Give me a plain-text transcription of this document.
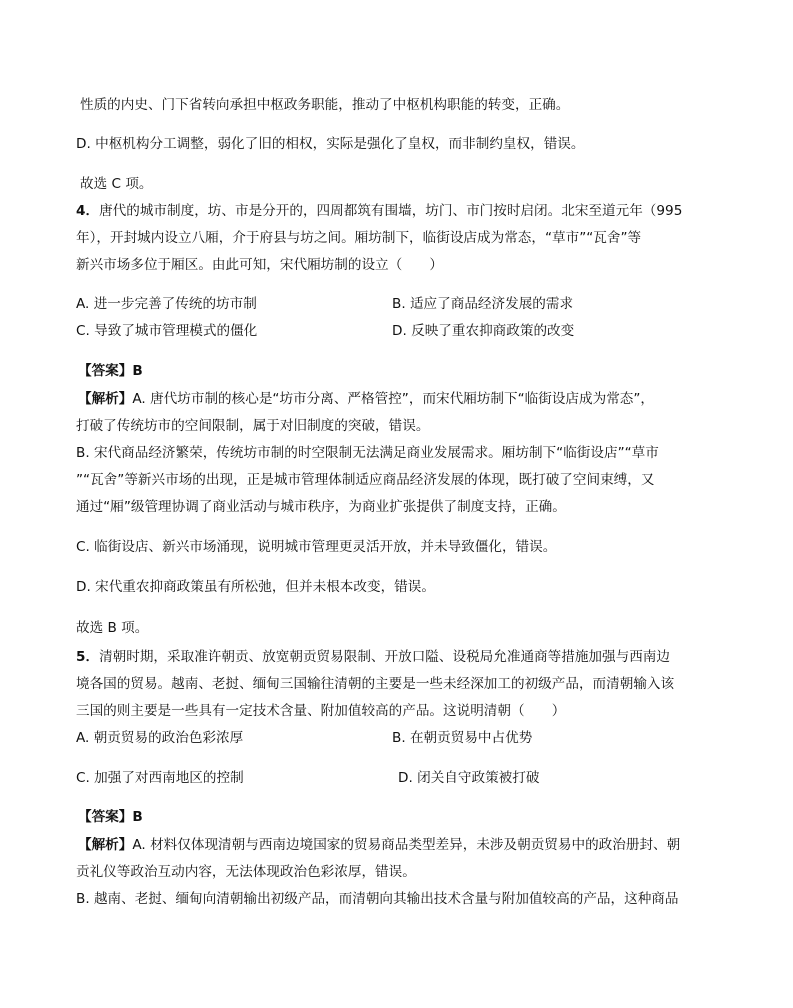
性质的内史、门下省转向承担中枢政务职能，推动了中枢机构职能的转变，正确。
D. 中枢机构分工调整，弱化了旧的相权，实际是强化了皇权，而非制约皇权，错误。
故选 C 项。
4．唐代的城市制度，坊、市是分开的，四周都筑有围墙，坊门、市门按时启闭。北宋至道元年（995
年），开封城内设立八厢，介于府县与坊之间。厢坊制下，临街设店成为常态，“草市”“瓦舍”等
新兴市场多位于厢区。由此可知，宋代厢坊制的设立（　　）
A. 进一步完善了传统的坊市制	B. 适应了商品经济发展的需求
C. 导致了城市管理模式的僵化	D. 反映了重农抑商政策的改变
【答案】B
【解析】A. 唐代坊市制的核心是“坊市分离、严格管控”，而宋代厢坊制下“临街设店成为常态”，
打破了传统坊市的空间限制，属于对旧制度的突破，错误。
B. 宋代商品经济繁荣，传统坊市制的时空限制无法满足商业发展需求。厢坊制下“临街设店”“草市
”“瓦舍”等新兴市场的出现，正是城市管理体制适应商品经济发展的体现，既打破了空间束缚，又
通过“厢”级管理协调了商业活动与城市秩序，为商业扩张提供了制度支持，正确。
C. 临街设店、新兴市场涌现，说明城市管理更灵活开放，并未导致僵化，错误。
D. 宋代重农抑商政策虽有所松弛，但并未根本改变，错误。
故选 B 项。
5．清朝时期，采取准许朝贡、放宽朝贡贸易限制、开放口隘、设税局允准通商等措施加强与西南边
境各国的贸易。越南、老挝、缅甸三国输往清朝的主要是一些未经深加工的初级产品，而清朝输入该
三国的则主要是一些具有一定技术含量、附加值较高的产品。这说明清朝（　　）
A. 朝贡贸易的政治色彩浓厚	B. 在朝贡贸易中占优势
C. 加强了对西南地区的控制	D. 闭关自守政策被打破
【答案】B
【解析】A. 材料仅体现清朝与西南边境国家的贸易商品类型差异，未涉及朝贡贸易中的政治册封、朝
贡礼仪等政治互动内容，无法体现政治色彩浓厚，错误。
B. 越南、老挝、缅甸向清朝输出初级产品，而清朝向其输出技术含量与附加值较高的产品，这种商品
